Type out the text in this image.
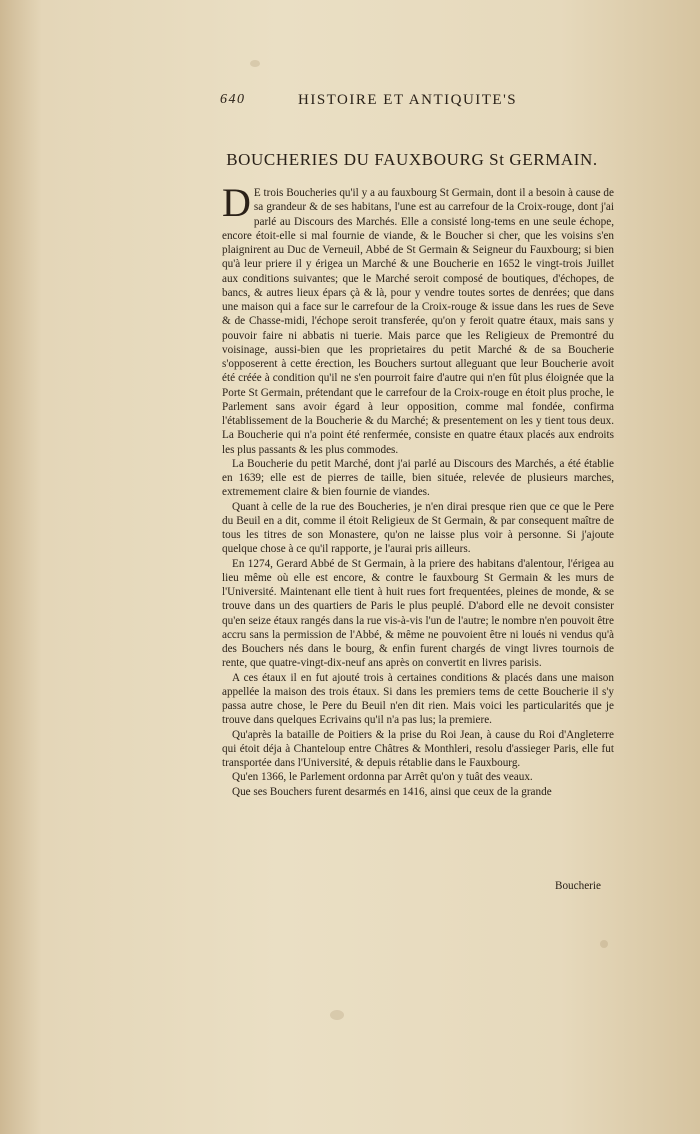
640	HISTOIRE ET ANTIQUITE'S
BOUCHERIES DU FAUXBOURG St GERMAIN.

D E trois Boucheries qu'il y a au fauxbourg St Germain, dont il a besoin à cause de sa grandeur & de ses habitans, l'une est au carrefour de la Croix-rouge, dont j'ai parlé au Discours des Marchés. Elle a consisté long-tems en une seule échope, encore étoit-elle si mal fournie de viande, & le Boucher si cher, que les voisins s'en plaignirent au Duc de Verneuil, Abbé de St Germain & Seigneur du Fauxbourg; si bien qu'à leur priere il y érigea un Marché & une Boucherie en 1652 le vingt-trois Juillet aux conditions suivantes; que le Marché seroit composé de boutiques, d'échopes, de bancs, & autres lieux épars çà & là, pour y vendre toutes sortes de denrées; que dans une maison qui a face sur le carrefour de la Croix-rouge & issue dans les rues de Seve & de Chasse-midi, l'échope seroit transferée, qu'on y feroit quatre étaux, mais sans y pouvoir faire ni abbatis ni tuerie. Mais parce que les Religieux de Premontré du voisinage, aussi-bien que les proprietaires du petit Marché & de sa Boucherie s'opposerent à cette érection, les Bouchers surtout alleguant que leur Boucherie avoit été créée à condition qu'il ne s'en pourroit faire d'autre qui n'en fût plus éloignée que la Porte St Germain, prétendant que le carrefour de la Croix-rouge en étoit plus proche, le Parlement sans avoir égard à leur opposition, comme mal fondée, confirma l'établissement de la Boucherie & du Marché; & presentement on les y tient tous deux. La Boucherie qui n'a point été renfermée, consiste en quatre étaux placés aux endroits les plus passants & les plus commodes.

La Boucherie du petit Marché, dont j'ai parlé au Discours des Marchés, a été établie en 1639; elle est de pierres de taille, bien située, relevée de plusieurs marches, extremement claire & bien fournie de viandes.

Quant à celle de la rue des Boucheries, je n'en dirai presque rien que ce que le Pere du Beuil en a dit, comme il étoit Religieux de St Germain, & par consequent maître de tous les titres de son Monastere, qu'on ne laisse plus voir à personne. Si j'ajoute quelque chose à ce qu'il rapporte, je l'aurai pris ailleurs.

En 1274, Gerard Abbé de St Germain, à la priere des habitans d'alentour, l'érigea au lieu même où elle est encore, & contre le fauxbourg St Germain & les murs de l'Université. Maintenant elle tient à huit rues fort frequentées, pleines de monde, & se trouve dans un des quartiers de Paris le plus peuplé. D'abord elle ne devoit consister qu'en seize étaux rangés dans la rue vis-à-vis l'un de l'autre; le nombre n'en pouvoit être accru sans la permission de l'Abbé, & même ne pouvoient être ni loués ni vendus qu'à des Bouchers nés dans le bourg, & enfin furent chargés de vingt livres tournois de rente, que quatre-vingt-dix-neuf ans après on convertit en livres parisis.

A ces étaux il en fut ajouté trois à certaines conditions & placés dans une maison appellée la maison des trois étaux. Si dans les premiers tems de cette Boucherie il s'y passa autre chose, le Pere du Beuil n'en dit rien. Mais voici les particularités que je trouve dans quelques Ecrivains qu'il n'a pas lus; la premiere.

Qu'après la bataille de Poitiers & la prise du Roi Jean, à cause du Roi d'Angleterre qui étoit déja à Chanteloup entre Châtres & Monthleri, resolu d'assieger Paris, elle fut transportée dans l'Université, & depuis rétablie dans le Fauxbourg.

Qu'en 1366, le Parlement ordonna par Arrêt qu'on y tuât des veaux.

Que ses Bouchers furent desarmés en 1416, ainsi que ceux de la grande

Boucherie
